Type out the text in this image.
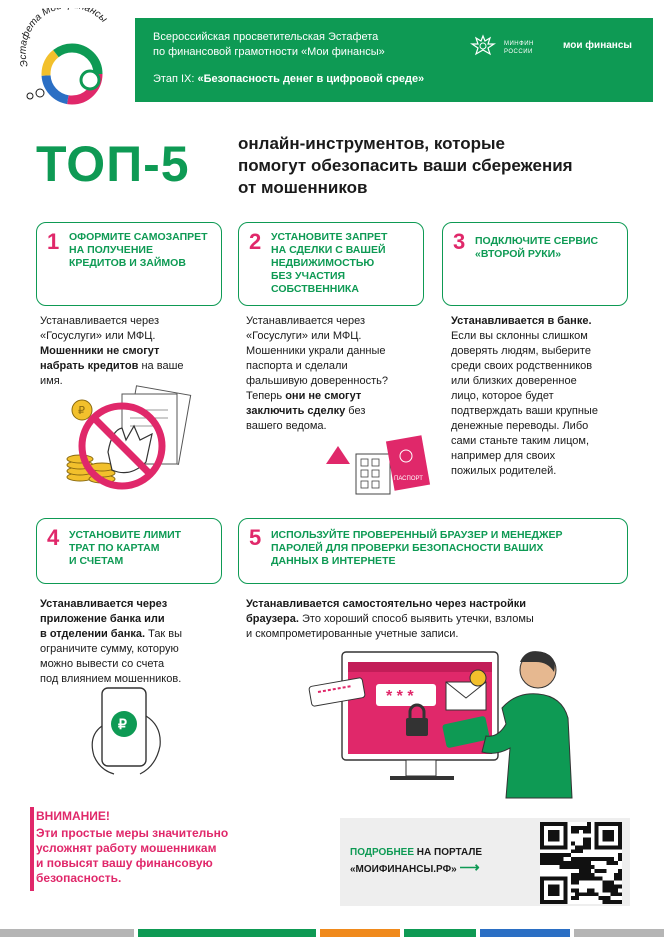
Эстафета Мо ансы
Всероссийская просветительская Эстафета
по финансовой грамотности «Мои финансы»
Этап IX: «Безопасность денег в цифровой среде»
МИНФИН
РОССИИ
мои финансы
ТОП-5	онлайн-инструментов, которые
помогут обезопасить ваши сбережения
от мошенников
1 ОФОРМИТЕ САМОЗАПРЕТ
НА ПОЛУЧЕНИЕ
КРЕДИТОВ И ЗАЙМОВ
Устанавливается через
«Госуслуги» или МФЦ.
Мошенники не смогут
набрать кредитов на ваше
имя.
₽
2 УСТАНОВИТЕ ЗАПРЕТ
НА СДЕЛКИ С ВАШЕЙ
НЕДВИЖИМОСТЬЮ
БЕЗ УЧАСТИЯ
СОБСТВЕННИКА
Устанавливается через
«Госуслуги» или МФЦ.
Мошенники украли данные
паспорта и сделали
фальшивую доверенность?
Теперь они не смогут
заключить сделку без
вашего ведома.
ПАСПОРТ
3 ПОДКЛЮЧИТЕ СЕРВИС
«ВТОРОЙ РУКИ»
Устанавливается в банке.
Если вы склонны слишком
доверять людям, выберите
среди своих родственников
или близких доверенное
лицо, которое будет
подтверждать ваши крупные
денежные переводы. Либо
сами станьте таким лицом,
например для своих
пожилых родителей.
4 УСТАНОВИТЕ ЛИМИТ
ТРАТ ПО КАРТАМ
И СЧЕТАМ
Устанавливается через
приложение банка или
в отделении банка. Так вы
ограничите сумму, которую
можно вывести со счета
под влиянием мошенников.
₽
5 ИСПОЛЬЗУЙТЕ ПРОВЕРЕННЫЙ БРАУЗЕР И МЕНЕДЖЕР
ПАРОЛЕЙ ДЛЯ ПРОВЕРКИ БЕЗОПАСНОСТИ ВАШИХ
ДАННЫХ В ИНТЕРНЕТЕ
Устанавливается самостоятельно через настройки
браузера. Это хороший способ выявить утечки, взломы
и скомпрометированные учетные записи.
* * *
ВНИМАНИЕ!
Эти простые меры значительно
усложнят работу мошенникам
и повысят вашу финансовую
безопасность.
ПОДРОБНЕЕ НА ПОРТАЛЕ
«МОИФИНАНСЫ.РФ» ⟶
